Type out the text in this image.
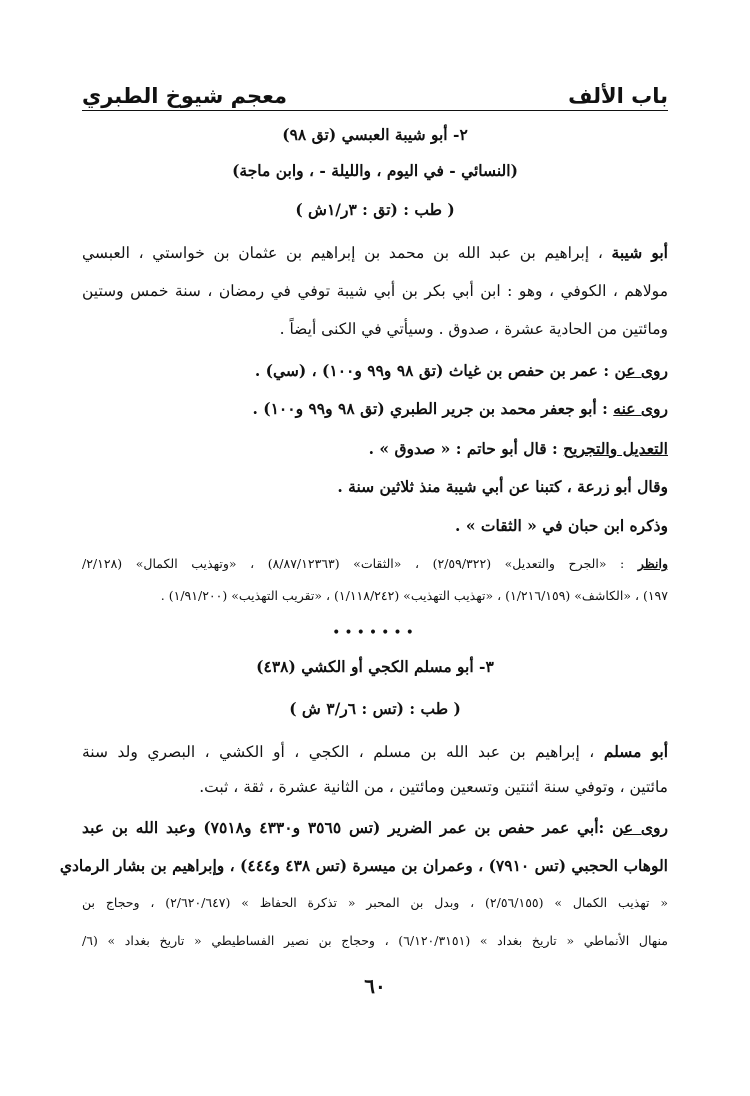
باب الألف
معجم شيوخ الطبري
٢- أبو شيبة العبسي (تق ٩٨)
(النسائي - في اليوم ، والليلة - ، وابن ماجة)
( طب : (تق : ٣ر/١ش )
أبو شيبة ، إبراهيم بن عبد الله بن محمد بن إبراهيم بن عثمان بن خواستي ، العبسي
مولاهم ، الكوفي ، وهو : ابن أبي بكر بن أبي شيبة توفي في رمضان ، سنة خمس وستين
ومائتين من الحادية عشرة ، صدوق . وسيأتي في الكنى أيضاً .
روى عن : عمر بن حفص بن غياث (تق ٩٨ و٩٩ و١٠٠) ، (سي) .
روى عنه : أبو جعفر محمد بن جرير الطبري (تق ٩٨ و٩٩ و١٠٠) .
التعديل والتجريح : قال أبو حاتم : « صدوق » .
وقال أبو زرعة ، كتبنا عن أبي شيبة منذ ثلاثين سنة .
وذكره ابن حبان في « الثقات » .
وانظر : «الجرح والتعديل» (٢/٥٩/٣٢٢) ، «الثقات» (٨/٨٧/١٢٣٦٣) ، «وتهذيب الكمال» (٢/١٢٨/
١٩٧) ، «الكاشف» (١/٢١٦/١٥٩) ، «تهذيب التهذيب» (١/١١٨/٢٤٢) ، «تقريب التهذيب» (١/٩١/٢٠٠) .
•••••••
٣- أبو مسلم الكجي أو الكشي (٤٣٨)
( طب : (تس : ٦ر/٣ ش )
أبو مسلم ، إبراهيم بن عبد الله بن مسلم ، الكجي ، أو الكشي ، البصري ولد سنة
مائتين ، وتوفي سنة اثنتين وتسعين ومائتين ، من الثانية عشرة ، ثقة ، ثبت.
روى عن :أبي عمر حفص بن عمر الضرير (تس ٣٥٦٥ و٤٣٣٠ و٧٥١٨) وعبد الله بن عبد
الوهاب الحجبي (تس ٧٩١٠) ، وعمران بن ميسرة (تس ٤٣٨ و٤٤٤) ، وإبراهيم بن بشار الرمادي
« تهذيب الكمال » (٢/٥٦/١٥٥) ، وبدل بن المحبر « تذكرة الحفاظ » (٢/٦٢٠/٦٤٧) ، وحجاج بن
منهال الأنماطي « تاريخ بغداد » (٦/١٢٠/٣١٥١) ، وحجاج بن نصير الفساطيطي « تاريخ بغداد » (٦/
٦٠
